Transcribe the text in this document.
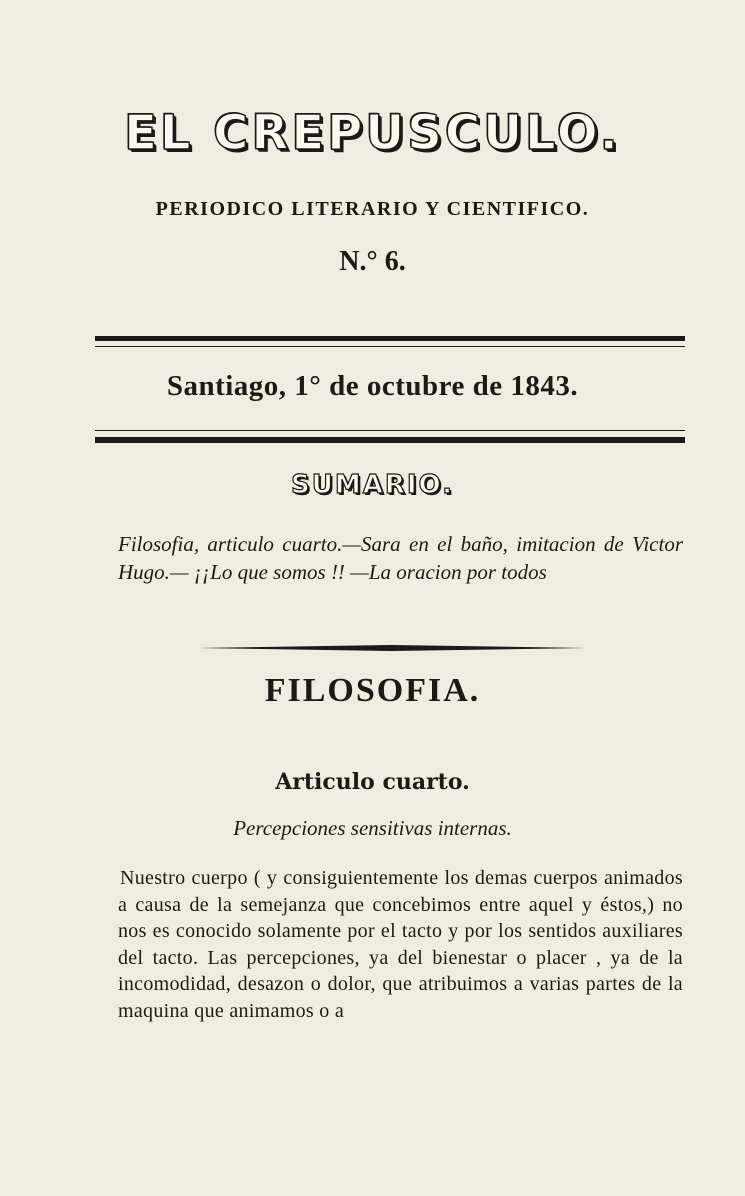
EL CREPUSCULO.
PERIODICO LITERARIO Y CIENTIFICO.
N.° 6.
Santiago, 1° de octubre de 1843.
SUMARIO.
Filosofia, articulo cuarto.—Sara en el baño, imitacion de Victor Hugo.— ¡¡Lo que somos !! —La oracion por todos
FILOSOFIA.
Articulo cuarto.
Percepciones sensitivas internas.
Nuestro cuerpo ( y consiguientemente los demas cuerpos animados a causa de la semejanza que concebimos entre aquel y éstos,) no nos es conocido solamente por el tacto y por los sentidos auxiliares del tacto. Las percepciones, ya del bienestar o placer , ya de la incomodidad, desazon o dolor, que atribuimos a varias partes de la maquina que animamos o a
